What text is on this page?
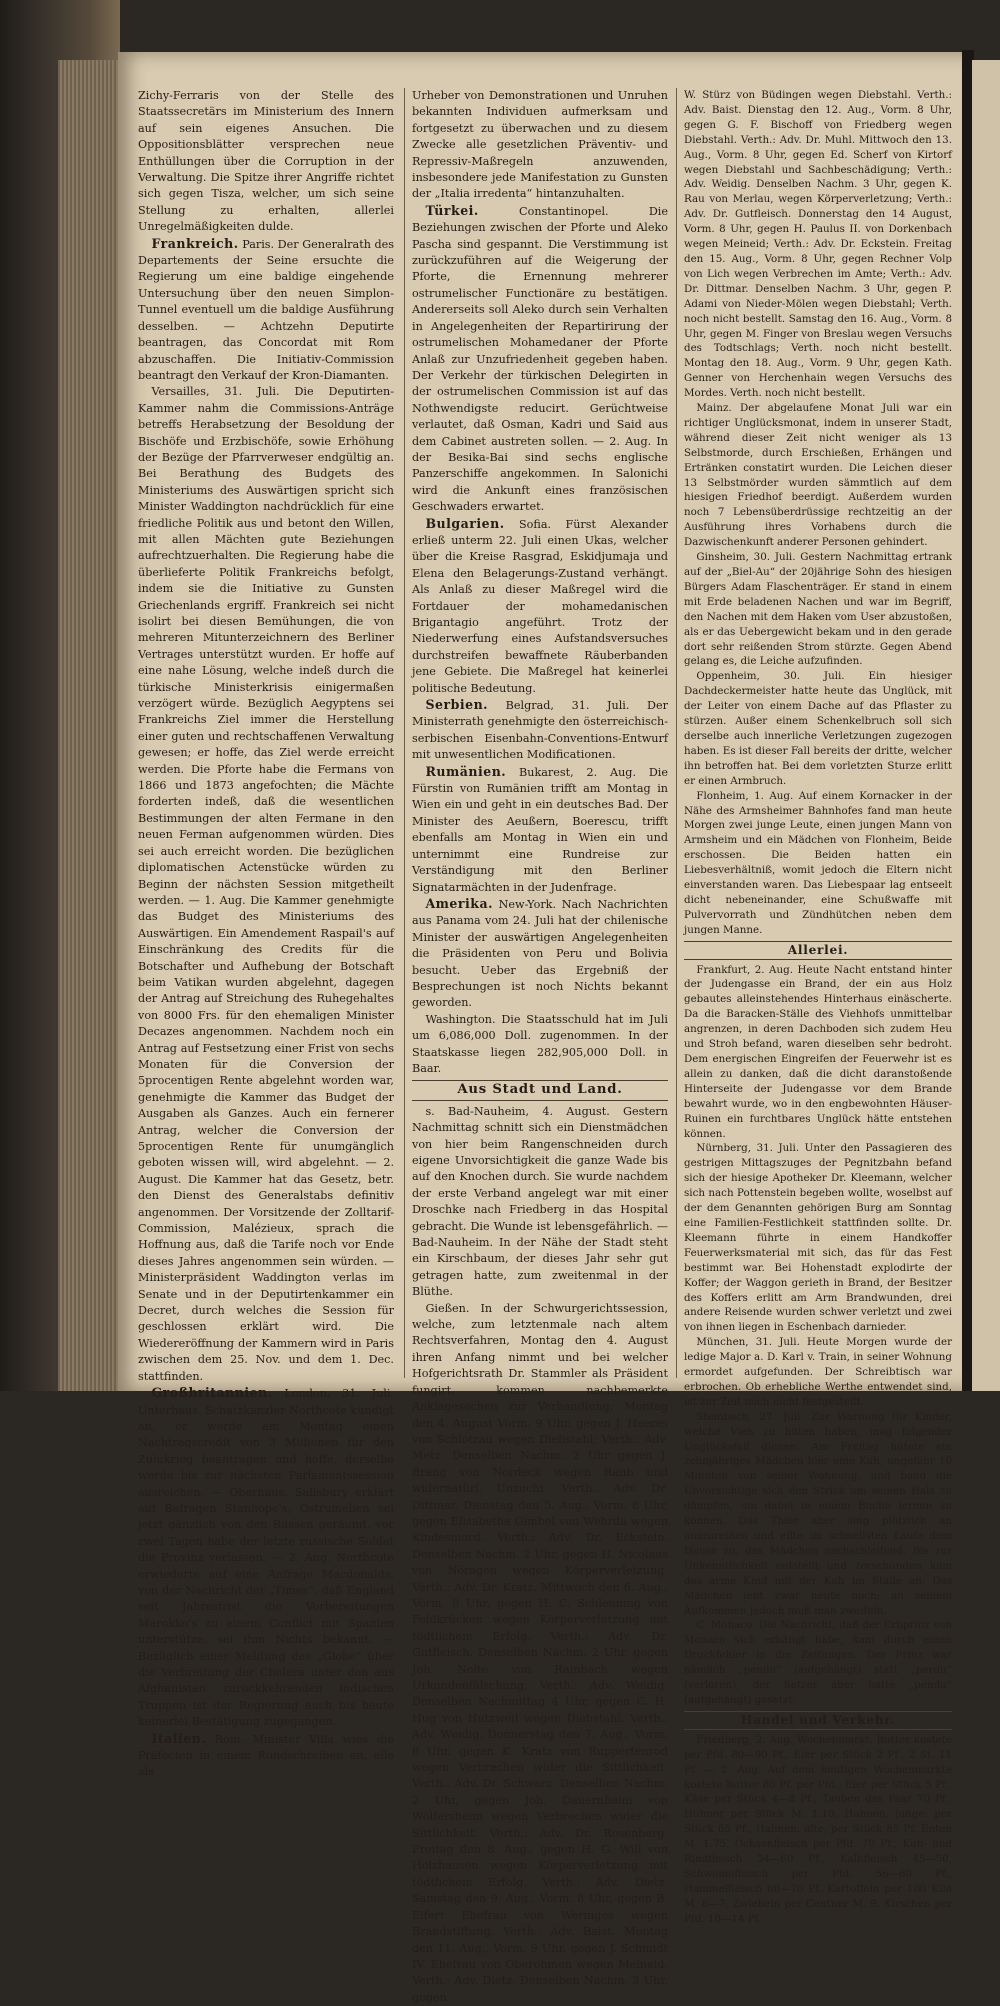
Zichy-Ferraris von der Stelle des Staatssecretärs im Ministerium des Innern auf sein eigenes Ansuchen. Die Oppositionsblätter versprechen neue Enthüllungen über die Corruption in der Verwaltung. Die Spitze ihrer Angriffe richtet sich gegen Tisza, welcher, um sich seine Stellung zu erhalten, allerlei Unregelmäßigkeiten dulde.

Frankreich. Paris. Der Generalrath des Departements der Seine ersuchte die Regierung um eine baldige eingehende Untersuchung über den neuen Simplon-Tunnel eventuell um die baldige Ausführung desselben. — Achtzehn Deputirte beantragen, das Concordat mit Rom abzuschaffen. Die Initiativ-Commission beantragt den Verkauf der Kron-Diamanten.

Versailles, 31. Juli. Die Deputirten-Kammer nahm die Commissions-Anträge betreffs Herabsetzung der Besoldung der Bischöfe und Erzbischöfe, sowie Erhöhung der Bezüge der Pfarrverweser endgültig an. Bei Berathung des Budgets des Ministeriums des Auswärtigen spricht sich Minister Waddington nachdrücklich für eine friedliche Politik aus und betont den Willen, mit allen Mächten gute Beziehungen aufrechtzuerhalten. Die Regierung habe die überlieferte Politik Frankreichs befolgt, indem sie die Initiative zu Gunsten Griechenlands ergriff. Frankreich sei nicht isolirt bei diesen Bemühungen, die von mehreren Mitunterzeichnern des Berliner Vertrages unterstützt wurden. Er hoffe auf eine nahe Lösung, welche indeß durch die türkische Ministerkrisis einigermaßen verzögert würde. Bezüglich Aegyptens sei Frankreichs Ziel immer die Herstellung einer guten und rechtschaffenen Verwaltung gewesen; er hoffe, das Ziel werde erreicht werden. Die Pforte habe die Fermans von 1866 und 1873 angefochten; die Mächte forderten indeß, daß die wesentlichen Bestimmungen der alten Fermane in den neuen Ferman aufgenommen würden. Dies sei auch erreicht worden. Die bezüglichen diplomatischen Actenstücke würden zu Beginn der nächsten Session mitgetheilt werden. — 1. Aug. Die Kammer genehmigte das Budget des Ministeriums des Auswärtigen. Ein Amendement Raspail's auf Einschränkung des Credits für die Botschafter und Aufhebung der Botschaft beim Vatikan wurden abgelehnt, dagegen der Antrag auf Streichung des Ruhegehaltes von 8000 Frs. für den ehemaligen Minister Decazes angenommen. Nachdem noch ein Antrag auf Festsetzung einer Frist von sechs Monaten für die Conversion der 5procentigen Rente abgelehnt worden war, genehmigte die Kammer das Budget der Ausgaben als Ganzes. Auch ein fernerer Antrag, welcher die Conversion der 5procentigen Rente für unumgänglich geboten wissen will, wird abgelehnt. — 2. August. Die Kammer hat das Gesetz, betr. den Dienst des Generalstabs definitiv angenommen. Der Vorsitzende der Zolltarif-Commission, Malézieux, sprach die Hoffnung aus, daß die Tarife noch vor Ende dieses Jahres angenommen sein würden. — Ministerpräsident Waddington verlas im Senate und in der Deputirtenkammer ein Decret, durch welches die Session für geschlossen erklärt wird. Die Wiedereröffnung der Kammern wird in Paris zwischen dem 25. Nov. und dem 1. Dec. stattfinden.

Großbritannien. London, 31. Juli. Unterhaus. Schatzkanzler Northcote kündigt an, er werde am Montag einen Nachtragscredit von 3 Millionen für den Zulukrieg beantragen und hoffe, derselbe werde bis zur nächsten Parlamentssession ausreichen. — Oberhaus. Salisbury erklärt auf Befragen Stanhope's, Ostrumelien sei jetzt gänzlich von den Russen geräumt, vor zwei Tagen habe der letzte russische Soldat die Provinz verlassen. — 2. Aug. Northcote erwiederte auf eine Anfrage Macdonalds, von der Nachricht der „Times“, daß England seit Jahresfrist die Vorbereitungen Marokko's zu einem Conflict mit Spanien unterstütze, sei ihm Nichts bekannt. — Bezüglich einer Meldung des „Globe“ über die Verbreitung der Cholera unter den aus Afghanistan zurückkehrenden indischen Truppen ist der Regierung auch bis heute keinerlei Bestätigung zugegangen.

Italien. Rom. Minister Villa wies die Präfecten in einem Rundschreiben an, alle als

Urheber von Demonstrationen und Unruhen bekannten Individuen aufmerksam und fortgesetzt zu überwachen und zu diesem Zwecke alle gesetzlichen Präventiv- und Repressiv-Maßregeln anzuwenden, insbesondere jede Manifestation zu Gunsten der „Italia irredenta“ hintanzuhalten.

Türkei.	Constantinopel. Die Beziehungen zwischen der Pforte und Aleko Pascha sind gespannt. Die Verstimmung ist zurückzuführen auf die Weigerung der Pforte, die Ernennung mehrerer ostrumelischer Functionäre zu bestätigen. Andererseits soll Aleko durch sein Verhalten in Angelegenheiten der Repartirirung der ostrumelischen Mohamedaner der Pforte Anlaß zur Unzufriedenheit gegeben haben. Der Verkehr der türkischen Delegirten in der ostrumelischen Commission ist auf das Nothwendigste reducirt. Gerüchtweise verlautet, daß Osman, Kadri und Said aus dem Cabinet austreten sollen. — 2. Aug. In der Besika-Bai sind sechs englische Panzerschiffe angekommen. In Salonichi wird die Ankunft eines französischen Geschwaders erwartet.

Bulgarien. Sofia. Fürst Alexander erließ unterm 22. Juli einen Ukas, welcher über die Kreise Rasgrad, Eskidjumaja und Elena den Belagerungs-Zustand verhängt. Als Anlaß zu dieser Maßregel wird die Fortdauer der mohamedanischen Brigantagio angeführt. Trotz der Niederwerfung eines Aufstandsversuches durchstreifen bewaffnete Räuberbanden jene Gebiete. Die Maßregel hat keinerlei politische Bedeutung.

Serbien. Belgrad, 31. Juli. Der Ministerrath genehmigte den österreichisch-serbischen Eisenbahn-Conventions-Entwurf mit unwesentlichen Modificationen.

Rumänien. Bukarest, 2. Aug. Die Fürstin von Rumänien trifft am Montag in Wien ein und geht in ein deutsches Bad. Der Minister des Aeußern, Boerescu, trifft ebenfalls am Montag in Wien ein und unternimmt eine Rundreise zur Verständigung mit den Berliner Signatarmächten in der Judenfrage.

Amerika. New-York. Nach Nachrichten aus Panama vom 24. Juli hat der chilenische Minister der auswärtigen Angelegenheiten die Präsidenten von Peru und Bolivia besucht. Ueber das Ergebniß der Besprechungen ist noch Nichts bekannt geworden.

Washington. Die Staatsschuld hat im Juli um 6,086,000 Doll. zugenommen. In der Staatskasse liegen 282,905,000 Doll. in Baar.

Aus Stadt und Land.

s. Bad-Nauheim, 4. August. Gestern Nachmittag schnitt sich ein Dienstmädchen von hier beim Rangenschneiden durch eigene Unvorsichtigkeit die ganze Wade bis auf den Knochen durch. Sie wurde nachdem der erste Verband angelegt war mit einer Droschke nach Friedberg in das Hospital gebracht. Die Wunde ist lebensgefährlich. — Bad-Nauheim. In der Nähe der Stadt steht ein Kirschbaum, der dieses Jahr sehr gut getragen hatte, zum zweitenmal in der Blüthe.

Gießen. In der Schwurgerichtssession, welche, zum letztenmale nach altem Rechtsverfahren, Montag den 4. August ihren Anfang nimmt und bei welcher Hofgerichtsrath Dr. Stammler als Präsident fungirt, kommen nachbemerkte Anklagesachen zur Verhandlung: Montag den 4. August Vorm. 9 Uhr, gegen J. Heeres von Schlotzau wegen Diebstahl; Verth.: Adv. Metz. Denselben Nachm. 2 Uhr gegen J. Brang von Nordeck wegen Raub und widernatürl. Unzucht. Verth.: Adv. Dr. Dittmar. Dienstag den 5. Aug., Vorm. 8 Uhr, gegen Elisabetha Gimbel von Wehrda wegen Kindesmord. Verth.: Adv. Dr. Eckstein. Denselben Nachm. 2 Uhr, gegen H. Nicolaus von Nöragen wegen Körperverletzung. Verth.: Adv. Dr. Kratz. Mittwoch den 6. Aug., Vorm. 8 Uhr, gegen H. C. Schleuning von Feldkrücken wegen Körperverletzung mit tödtlichem Erfolg. Verth.: Adv. Dr. Gutfleisch. Denselben Nachm. 2 Uhr, gegen Joh. Nolte von Rainbach wegen Urkundenfälschung. Verth.: Adv. Weidig. Denselben Nachmittag 4 Uhr, gegen C. H. Hug von Hutzweil wegen Diebstahl. Verth.: Adv. Weidig. Donnerstag den 7. Aug., Vorm. 8 Uhr, gegen K. Kratz von Ruppertenrod wegen Verbrechen wider die Sittlichkeit. Verth.: Adv. Dr. Schwarz. Denselben Nachm. 2 Uhr, gegen Joh. Dauernheim von Wölfersheim wegen Verbrechen wider die Sittlichkeit. Verth.: Adv. Dr. Rosenberg. Freitag den 8. Aug., gegen H. G. Will von Holzhausen wegen Körperverletzung mit tödtlichem Erfolg. Verth.: Adv. Dietz. Samstag den 9. Aug., Vorm. 8 Uhr, gegen B. Eifert Ehefrau von Werniges wegen Brandstiftung. Verth.: Adv. Baist. Montag den 11. Aug., Vorm. 9 Uhr, gegen J. Schmidt IV. Ehefrau von Oberohmen wegen Meineid. Verth.: Adv. Dietz. Denselben Nachm. 3 Uhr, gegen

W. Stürz von Büdingen wegen Diebstahl. Verth.: Adv. Baist. Dienstag den 12. Aug., Vorm. 8 Uhr, gegen G. F. Bischoff von Friedberg wegen Diebstahl. Verth.: Adv. Dr. Muhl. Mittwoch den 13. Aug., Vorm. 8 Uhr, gegen Ed. Scherf von Kirtorf wegen Diebstahl und Sachbeschädigung; Verth.: Adv. Weidig. Denselben Nachm. 3 Uhr, gegen K. Rau von Merlau, wegen Körperverletzung; Verth.: Adv. Dr. Gutfleisch. Donnerstag den 14 August, Vorm. 8 Uhr, gegen H. Paulus II. von Dorkenbach wegen Meineid; Verth.: Adv. Dr. Eckstein. Freitag den 15. Aug., Vorm. 8 Uhr, gegen Rechner Volp von Lich wegen Verbrechen im Amte; Verth.: Adv. Dr. Dittmar. Denselben Nachm. 3 Uhr, gegen P. Adami von Nieder-Mölen wegen Diebstahl; Verth. noch nicht bestellt. Samstag den 16. Aug., Vorm. 8 Uhr, gegen M. Finger von Breslau wegen Versuchs des Todtschlags; Verth. noch nicht bestellt. Montag den 18. Aug., Vorm. 9 Uhr, gegen Kath. Genner von Herchenhain wegen Versuchs des Mordes. Verth. noch nicht bestellt.

Mainz. Der abgelaufene Monat Juli war ein richtiger Unglücksmonat, indem in unserer Stadt, während dieser Zeit nicht weniger als 13 Selbstmorde, durch Erschießen, Erhängen und Ertränken constatirt wurden. Die Leichen dieser 13 Selbstmörder wurden sämmtlich auf dem hiesigen Friedhof beerdigt. Außerdem wurden noch 7 Lebensüberdrüssige rechtzeitig an der Ausführung ihres Vorhabens durch die Dazwischenkunft anderer Personen gehindert.

Ginsheim, 30. Juli. Gestern Nachmittag ertrank auf der „Biel-Au“ der 20jährige Sohn des hiesigen Bürgers Adam Flaschenträger. Er stand in einem mit Erde beladenen Nachen und war im Begriff, den Nachen mit dem Haken vom User abzustoßen, als er das Uebergewicht bekam und in den gerade dort sehr reißenden Strom stürzte. Gegen Abend gelang es, die Leiche aufzufinden.

Oppenheim, 30. Juli. Ein hiesiger Dachdeckermeister hatte heute das Unglück, mit der Leiter von einem Dache auf das Pflaster zu stürzen. Außer einem Schenkelbruch soll sich derselbe auch innerliche Verletzungen zugezogen haben. Es ist dieser Fall bereits der dritte, welcher ihn betroffen hat. Bei dem vorletzten Sturze erlitt er einen Armbruch.

Flonheim, 1. Aug. Auf einem Kornacker in der Nähe des Armsheimer Bahnhofes fand man heute Morgen zwei junge Leute, einen jungen Mann von Armsheim und ein Mädchen von Flonheim, Beide erschossen. Die Beiden hatten ein Liebesverhältniß, womit jedoch die Eltern nicht einverstanden waren. Das Liebespaar lag entseelt dicht nebeneinander, eine Schußwaffe mit Pulvervorrath und Zündhütchen neben dem jungen Manne.

Allerlei.

Frankfurt, 2. Aug. Heute Nacht entstand hinter der Judengasse ein Brand, der ein aus Holz gebautes alleinstehendes Hinterhaus einäscherte. Da die Baracken-Ställe des Viehhofs unmittelbar angrenzen, in deren Dachboden sich zudem Heu und Stroh befand, waren dieselben sehr bedroht. Dem energischen Eingreifen der Feuerwehr ist es allein zu danken, daß die dicht daranstoßende Hinterseite der Judengasse vor dem Brande bewahrt wurde, wo in den engbewohnten Häuser-Ruinen ein furchtbares Unglück hätte entstehen können.

Nürnberg, 31. Juli. Unter den Passagieren des gestrigen Mittagszuges der Pegnitzbahn befand sich der hiesige Apotheker Dr. Kleemann, welcher sich nach Pottenstein begeben wollte, woselbst auf der dem Genannten gehörigen Burg am Sonntag eine Familien-Festlichkeit stattfinden sollte. Dr. Kleemann führte in einem Handkoffer Feuerwerksmaterial mit sich, das für das Fest bestimmt war. Bei Hohenstadt explodirte der Koffer; der Waggon gerieth in Brand, der Besitzer des Koffers erlitt am Arm Brandwunden, drei andere Reisende wurden schwer verletzt und zwei von ihnen liegen in Eschenbach darnieder.

München, 31. Juli. Heute Morgen wurde der ledige Major a. D. Karl v. Train, in seiner Wohnung ermordet aufgefunden. Der Schreibtisch war erbrochen. Ob erhebliche Werthe entwendet sind, ist zur Zeit noch nicht festgestellt.

Steinbach, 27. Juli. Zur Warnung für Kinder, welche Vieh zu hüten haben, mag folgender Unglücksfall dienen. Am Freitag hütete ein zehnjähriges Mädchen hier eine Kuh, ungefähr 10 Minuten von seiner Wohnung, und band die Unvorsichtige sich den Strick um seinen Hals zu dämpfen, um dabei in einem Buche lernen zu können. Das Thier aber sing plötzlich an auszureißen und eilte im schnellsten Laufe dem Hause zu, das Mädchen nachschleifend. Bis zur Unkenntlichkeit entstellt und zerschunden kam das arme Kind mit der Kuh im Stalle an. Das Mädchen lebt zwar heute noch; an seinem Aufkommen jedoch muß man zweifeln.

C. Monaco. Die Nachricht, daß der Erbprinz von Monaco sich erhängt habe, kam durch einen Druckfehler in die Zeitungen. Der Prinz war nämlich „pendu“ (aufgehängt) statt „perdu“ (verloren), der Setzer aber hatte „pendu“ (aufgehängt) gesetzt.

Handel und Verkehr.

Friedberg, 2. Aug. Wochenmarkt. Butter kostete per Pfd. 80—90 Pf., Eier per Stück 2 Pf., 2 St. 11 Pf. — 2. Aug. Auf dem heutigen Wochenmarkte kostete Butter 80 Pf. per Pfd., Eier per Stück 5 Pf., Käse per Stück 4—8 Pf., Tauben das Paar 70 Pf., Hühner per Stück M. 1.10, Hahnen, junge, per Stück 65 Pf., Hahnen, alte, per Stück 85 Pf. Enten M. 1.75, Ochsenfleisch per Pfd. 70 Pf., Kuh- und Rindfleisch 54—60 Pf., Kalbfleisch 45—50, Schweinefleisch per Pfd. 56—60 Pf., Hammelfleisch 60—70 Pf. Kartoffeln per 100 Kilo M. 6—7, Zwiebeln per Centner M. 9. Kirschen per Pfd. 10—14 Pf.
